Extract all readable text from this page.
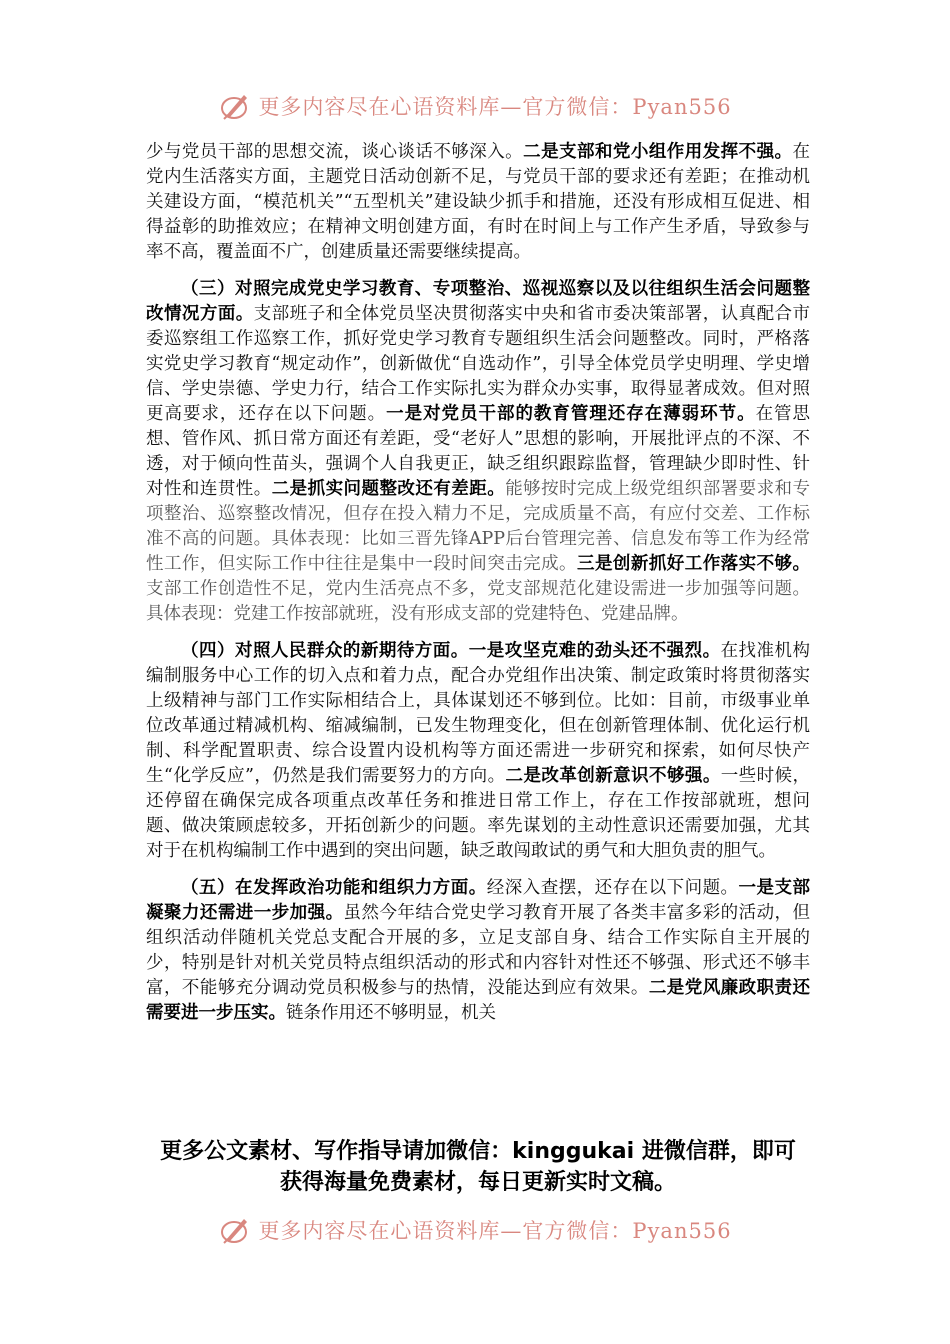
更多内容尽在心语资料库—官方微信：Pyan556

少与党员干部的思想交流，谈心谈话不够深入。二是支部和党小组作用发挥不强。在党内生活落实方面，主题党日活动创新不足，与党员干部的要求还有差距；在推动机关建设方面，“模范机关”“五型机关”建设缺少抓手和措施，还没有形成相互促进、相得益彰的助推效应；在精神文明创建方面，有时在时间上与工作产生矛盾，导致参与率不高，覆盖面不广，创建质量还需要继续提高。

（三）对照完成党史学习教育、专项整治、巡视巡察以及以往组织生活会问题整改情况方面。支部班子和全体党员坚决贯彻落实中央和省市委决策部署，认真配合市委巡察组工作巡察工作，抓好党史学习教育专题组织生活会问题整改。同时，严格落实党史学习教育“规定动作”，创新做优“自选动作”，引导全体党员学史明理、学史增信、学史崇德、学史力行，结合工作实际扎实为群众办实事，取得显著成效。但对照更高要求，还存在以下问题。一是对党员干部的教育管理还存在薄弱环节。在管思想、管作风、抓日常方面还有差距，受“老好人”思想的影响，开展批评点的不深、不透，对于倾向性苗头，强调个人自我更正，缺乏组织跟踪监督，管理缺少即时性、针对性和连贯性。二是抓实问题整改还有差距。能够按时完成上级党组织部署要求和专项整治、巡察整改情况，但存在投入精力不足，完成质量不高，有应付交差、工作标准不高的问题。具体表现：比如三晋先锋APP后台管理完善、信息发布等工作为经常性工作，但实际工作中往往是集中一段时间突击完成。三是创新抓好工作落实不够。支部工作创造性不足，党内生活亮点不多，党支部规范化建设需进一步加强等问题。具体表现：党建工作按部就班，没有形成支部的党建特色、党建品牌。

（四）对照人民群众的新期待方面。一是攻坚克难的劲头还不强烈。在找准机构编制服务中心工作的切入点和着力点，配合办党组作出决策、制定政策时将贯彻落实上级精神与部门工作实际相结合上，具体谋划还不够到位。比如：目前，市级事业单位改革通过精减机构、缩减编制，已发生物理变化，但在创新管理体制、优化运行机制、科学配置职责、综合设置内设机构等方面还需进一步研究和探索，如何尽快产生“化学反应”，仍然是我们需要努力的方向。二是改革创新意识不够强。一些时候，还停留在确保完成各项重点改革任务和推进日常工作上，存在工作按部就班，想问题、做决策顾虑较多，开拓创新少的问题。率先谋划的主动性意识还需要加强，尤其对于在机构编制工作中遇到的突出问题，缺乏敢闯敢试的勇气和大胆负责的胆气。

（五）在发挥政治功能和组织力方面。经深入查摆，还存在以下问题。一是支部凝聚力还需进一步加强。虽然今年结合党史学习教育开展了各类丰富多彩的活动，但组织活动伴随机关党总支配合开展的多，立足支部自身、结合工作实际自主开展的少，特别是针对机关党员特点组织活动的形式和内容针对性还不够强、形式还不够丰富，不能够充分调动党员积极参与的热情，没能达到应有效果。二是党风廉政职责还需要进一步压实。链条作用还不够明显，机关

更多公文素材、写作指导请加微信：kinggukai 进微信群，即可
获得海量免费素材，每日更新实时文稿。
更多内容尽在心语资料库—官方微信：Pyan556
